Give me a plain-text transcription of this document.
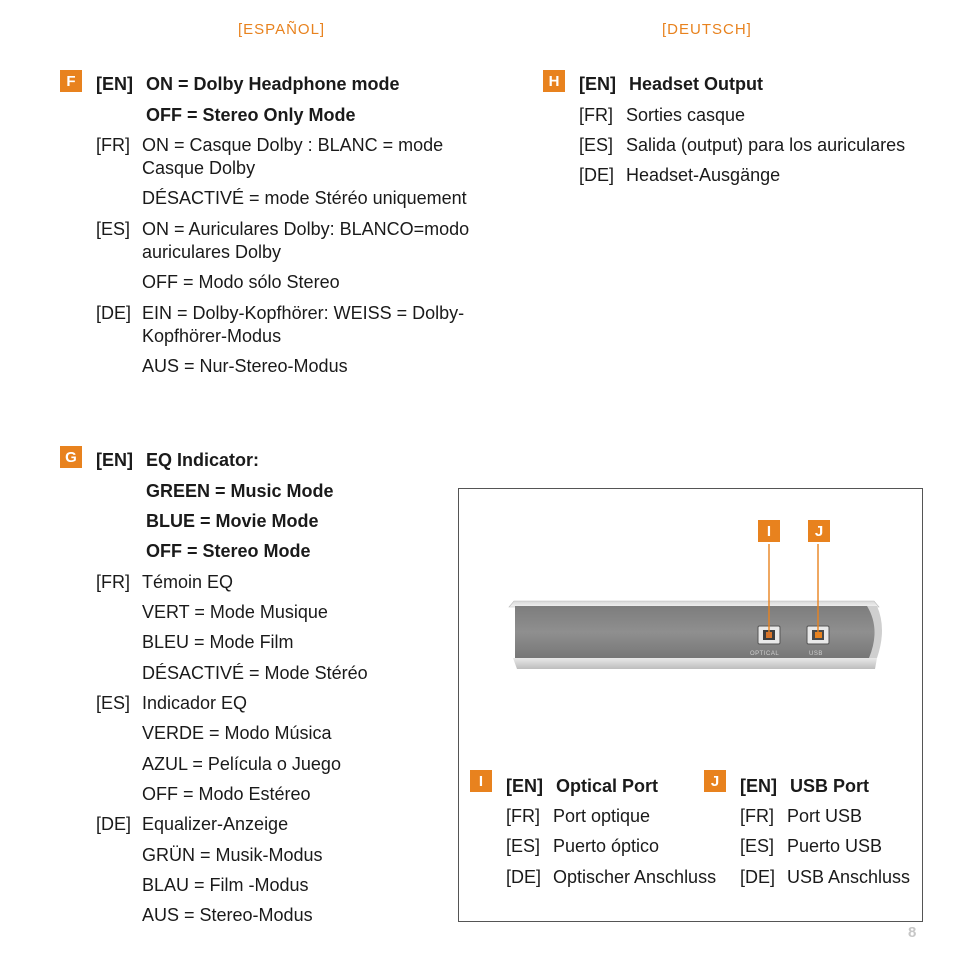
[ESPAÑOL]	[DEUTSCH]
F	[EN] ON = Dolby Headphone mode
OFF = Stereo Only Mode
[FR] ON = Casque Dolby : BLANC = mode
Casque Dolby
DÉSACTIVÉ = mode Stéréo uniquement
[ES] ON = Auriculares Dolby: BLANCO=modo
auriculares Dolby
OFF = Modo sólo Stereo
[DE] EIN = Dolby-Kopfhörer: WEISS = Dolby-
Kopfhörer-Modus
AUS = Nur-Stereo-Modus
G [EN] EQ Indicator:
GREEN = Music Mode
BLUE = Movie Mode
OFF = Stereo Mode
[FR] Témoin EQ
VERT = Mode Musique
BLEU = Mode Film
DÉSACTIVÉ = Mode Stéréo
[ES] Indicador EQ
VERDE = Modo Música
AZUL = Película o Juego
OFF = Modo Estéreo
[DE] Equalizer-Anzeige
GRÜN = Musik-Modus
BLAU = Film -Modus
AUS = Stereo-Modus
H	[EN] Headset Output
[FR] Sorties casque
[ES] Salida (output) para los auriculares
[DE] Headset-Ausgänge
OPTICAL	USB
I	J
I	[EN] Optical Port
[FR] Port optique
[ES] Puerto óptico
[DE] Optischer Anschluss
J	[EN] USB Port
[FR] Port USB
[ES] Puerto USB
[DE] USB Anschluss
8
